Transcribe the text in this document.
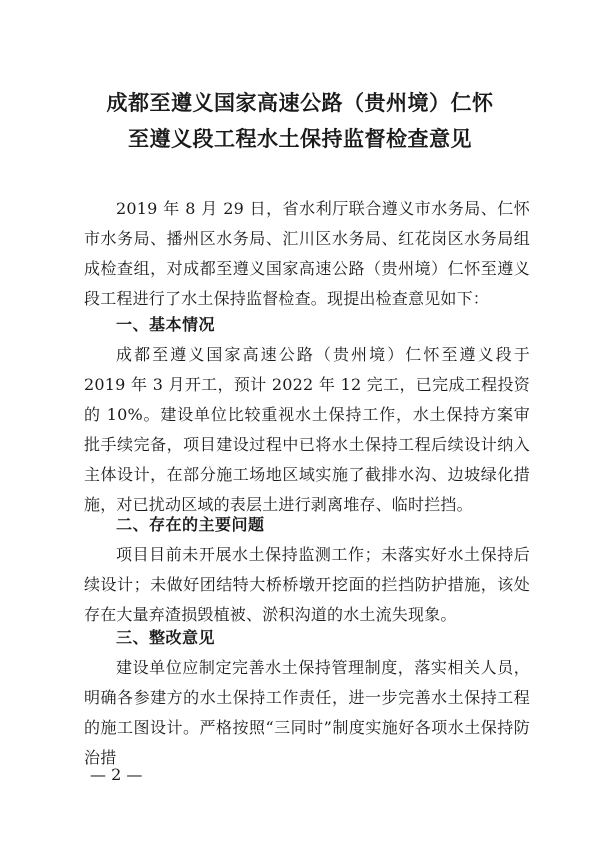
成都至遵义国家高速公路（贵州境）仁怀
至遵义段工程水土保持监督检查意见
2019 年 8 月 29 日，省水利厅联合遵义市水务局、仁怀市水务局、播州区水务局、汇川区水务局、红花岗区水务局组成检查组，对成都至遵义国家高速公路（贵州境）仁怀至遵义段工程进行了水土保持监督检查。现提出检查意见如下：
一、基本情况
成都至遵义国家高速公路（贵州境）仁怀至遵义段于 2019 年 3 月开工，预计 2022 年 12 完工，已完成工程投资的 10%。建设单位比较重视水土保持工作，水土保持方案审批手续完备，项目建设过程中已将水土保持工程后续设计纳入主体设计，在部分施工场地区域实施了截排水沟、边坡绿化措施，对已扰动区域的表层土进行剥离堆存、临时拦挡。
二、存在的主要问题
项目目前未开展水土保持监测工作；未落实好水土保持后续设计；未做好团结特大桥桥墩开挖面的拦挡防护措施，该处存在大量弃渣损毁植被、淤积沟道的水土流失现象。
三、整改意见
建设单位应制定完善水土保持管理制度，落实相关人员，明确各参建方的水土保持工作责任，进一步完善水土保持工程的施工图设计。严格按照“三同时”制度实施好各项水土保持防治措
— 2 —
